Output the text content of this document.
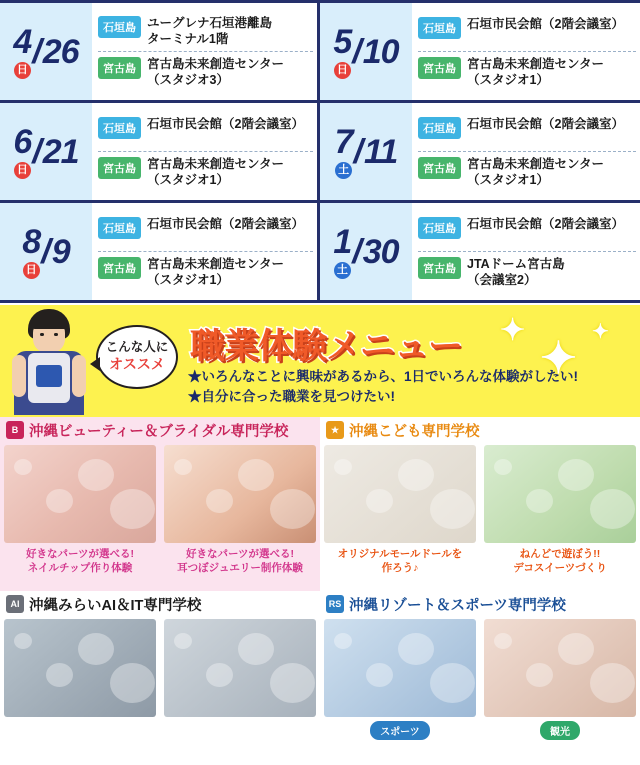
4
日 / 26
石垣島 ユーグレナ石垣港離島
ターミナル1階
宮古島 宮古島未来創造センター
（スタジオ3）
5
日 / 10
石垣島 石垣市民会館（2階会議室）
宮古島 宮古島未来創造センター
（スタジオ1）
6
日 / 21
石垣島 石垣市民会館（2階会議室）
宮古島 宮古島未来創造センター
（スタジオ1）
7
土 / 11
石垣島 石垣市民会館（2階会議室）
宮古島 宮古島未来創造センター
（スタジオ1）
8
日 / 9
石垣島 石垣市民会館（2階会議室）
宮古島 宮古島未来創造センター
（スタジオ1）
1
土 / 30
石垣島 石垣市民会館（2階会議室）
宮古島 JTAドーム宮古島
（会議室2）
こんな人に
オススメ 職業体験メニュー ✦
✦
✦
★いろんなことに興味があるから、1日でいろんな体験がしたい!
★自分に合った職業を見つけたい!
B 沖縄ビューティー＆ブライダル専門学校
好きなパーツが選べる!
ネイルチップ作り体験
好きなパーツが選べる!
耳つぼジュエリー制作体験
★ 沖縄こども専門学校
オリジナルモールドールを
作ろう♪
ねんどで遊ぼう!!
デコスイーツづくり
AI 沖縄みらいAI＆IT専門学校	RS 沖縄リゾート＆スポーツ専門学校
スポーツ	観光
